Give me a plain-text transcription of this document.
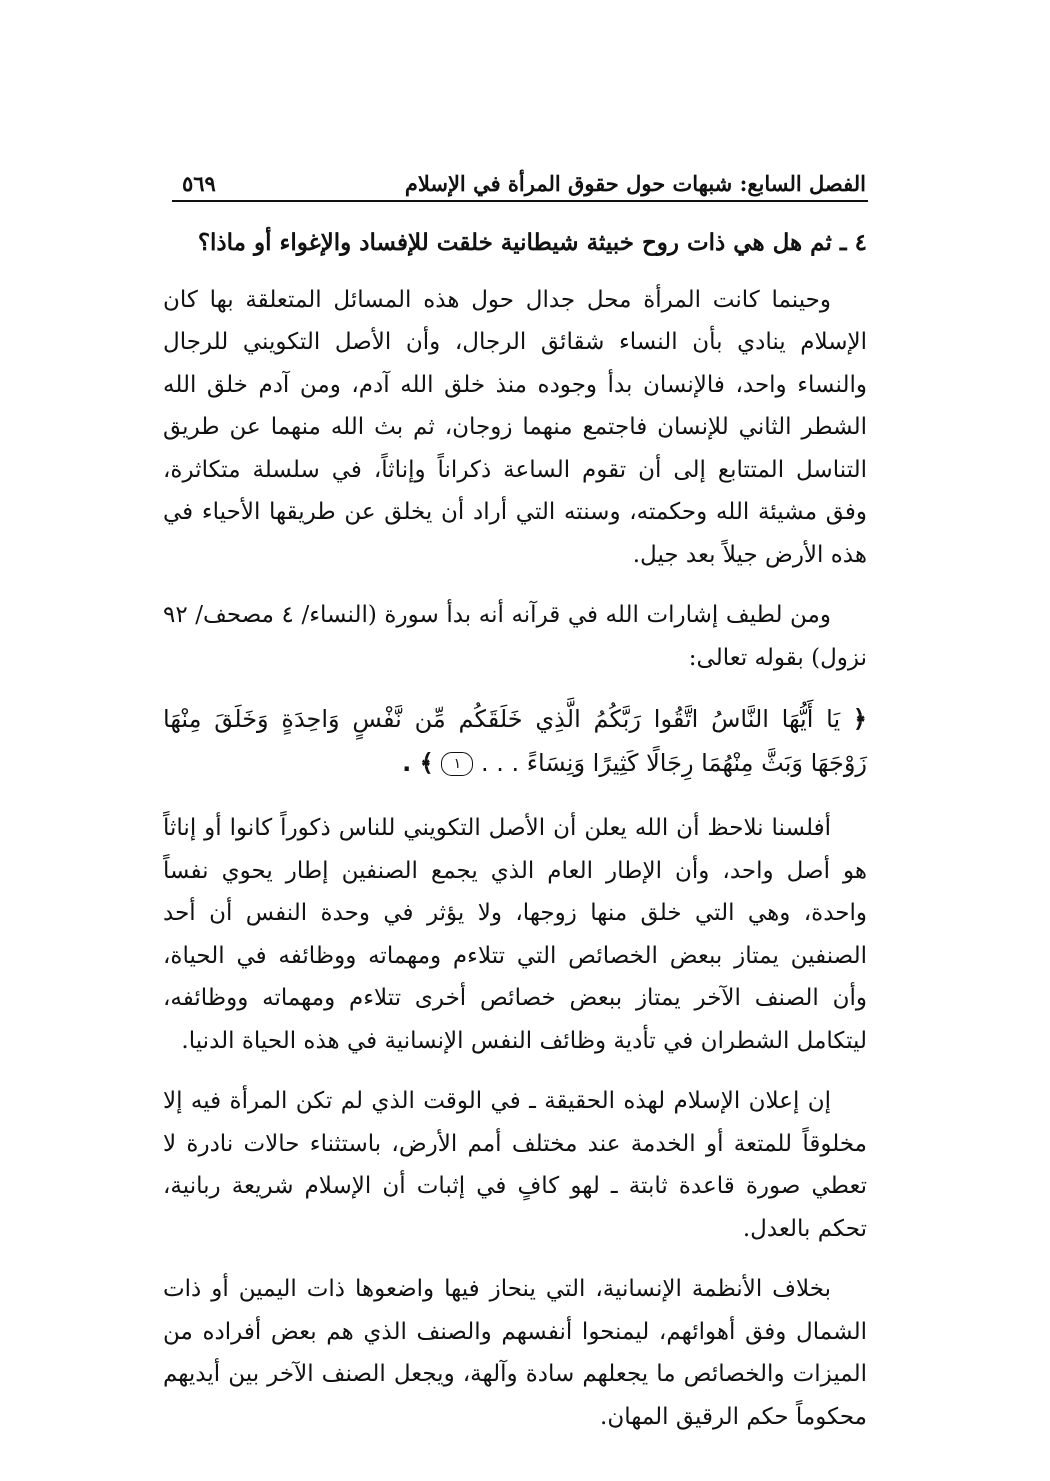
الفصل السابع: شبهات حول حقوق المرأة في الإسلام
٥٦٩

٤ ـ ثم هل هي ذات روح خبيثة شيطانية خلقت للإفساد والإغواء أو ماذا؟

وحينما كانت المرأة محل جدال حول هذه المسائل المتعلقة بها كان الإسلام ينادي بأن النساء شقائق الرجال، وأن الأصل التكويني للرجال والنساء واحد، فالإنسان بدأ وجوده منذ خلق الله آدم، ومن آدم خلق الله الشطر الثاني للإنسان فاجتمع منهما زوجان، ثم بث الله منهما عن طريق التناسل المتتابع إلى أن تقوم الساعة ذكراناً وإناثاً، في سلسلة متكاثرة، وفق مشيئة الله وحكمته، وسنته التي أراد أن يخلق عن طريقها الأحياء في هذه الأرض جيلاً بعد جيل.

ومن لطيف إشارات الله في قرآنه أنه بدأ سورة (النساء/ ٤ مصحف/ ٩٢ نزول) بقوله تعالى:

﴿ يَا أَيُّهَا النَّاسُ اتَّقُوا رَبَّكُمُ الَّذِي خَلَقَكُم مِّن نَّفْسٍ وَاحِدَةٍ وَخَلَقَ مِنْهَا زَوْجَهَا وَبَثَّ مِنْهُمَا رِجَالًا كَثِيرًا وَنِسَاءً . . . ١ ﴾ .

أفلسنا نلاحظ أن الله يعلن أن الأصل التكويني للناس ذكوراً كانوا أو إناثاً هو أصل واحد، وأن الإطار العام الذي يجمع الصنفين إطار يحوي نفساً واحدة، وهي التي خلق منها زوجها، ولا يؤثر في وحدة النفس أن أحد الصنفين يمتاز ببعض الخصائص التي تتلاءم ومهماته ووظائفه في الحياة، وأن الصنف الآخر يمتاز ببعض خصائص أخرى تتلاءم ومهماته ووظائفه، ليتكامل الشطران في تأدية وظائف النفس الإنسانية في هذه الحياة الدنيا.

إن إعلان الإسلام لهذه الحقيقة ـ في الوقت الذي لم تكن المرأة فيه إلا مخلوقاً للمتعة أو الخدمة عند مختلف أمم الأرض، باستثناء حالات نادرة لا تعطي صورة قاعدة ثابتة ـ لهو كافٍ في إثبات أن الإسلام شريعة ربانية، تحكم بالعدل.

بخلاف الأنظمة الإنسانية، التي ينحاز فيها واضعوها ذات اليمين أو ذات الشمال وفق أهوائهم، ليمنحوا أنفسهم والصنف الذي هم بعض أفراده من الميزات والخصائص ما يجعلهم سادة وآلهة، ويجعل الصنف الآخر بين أيديهم محكوماً حكم الرقيق المهان.
